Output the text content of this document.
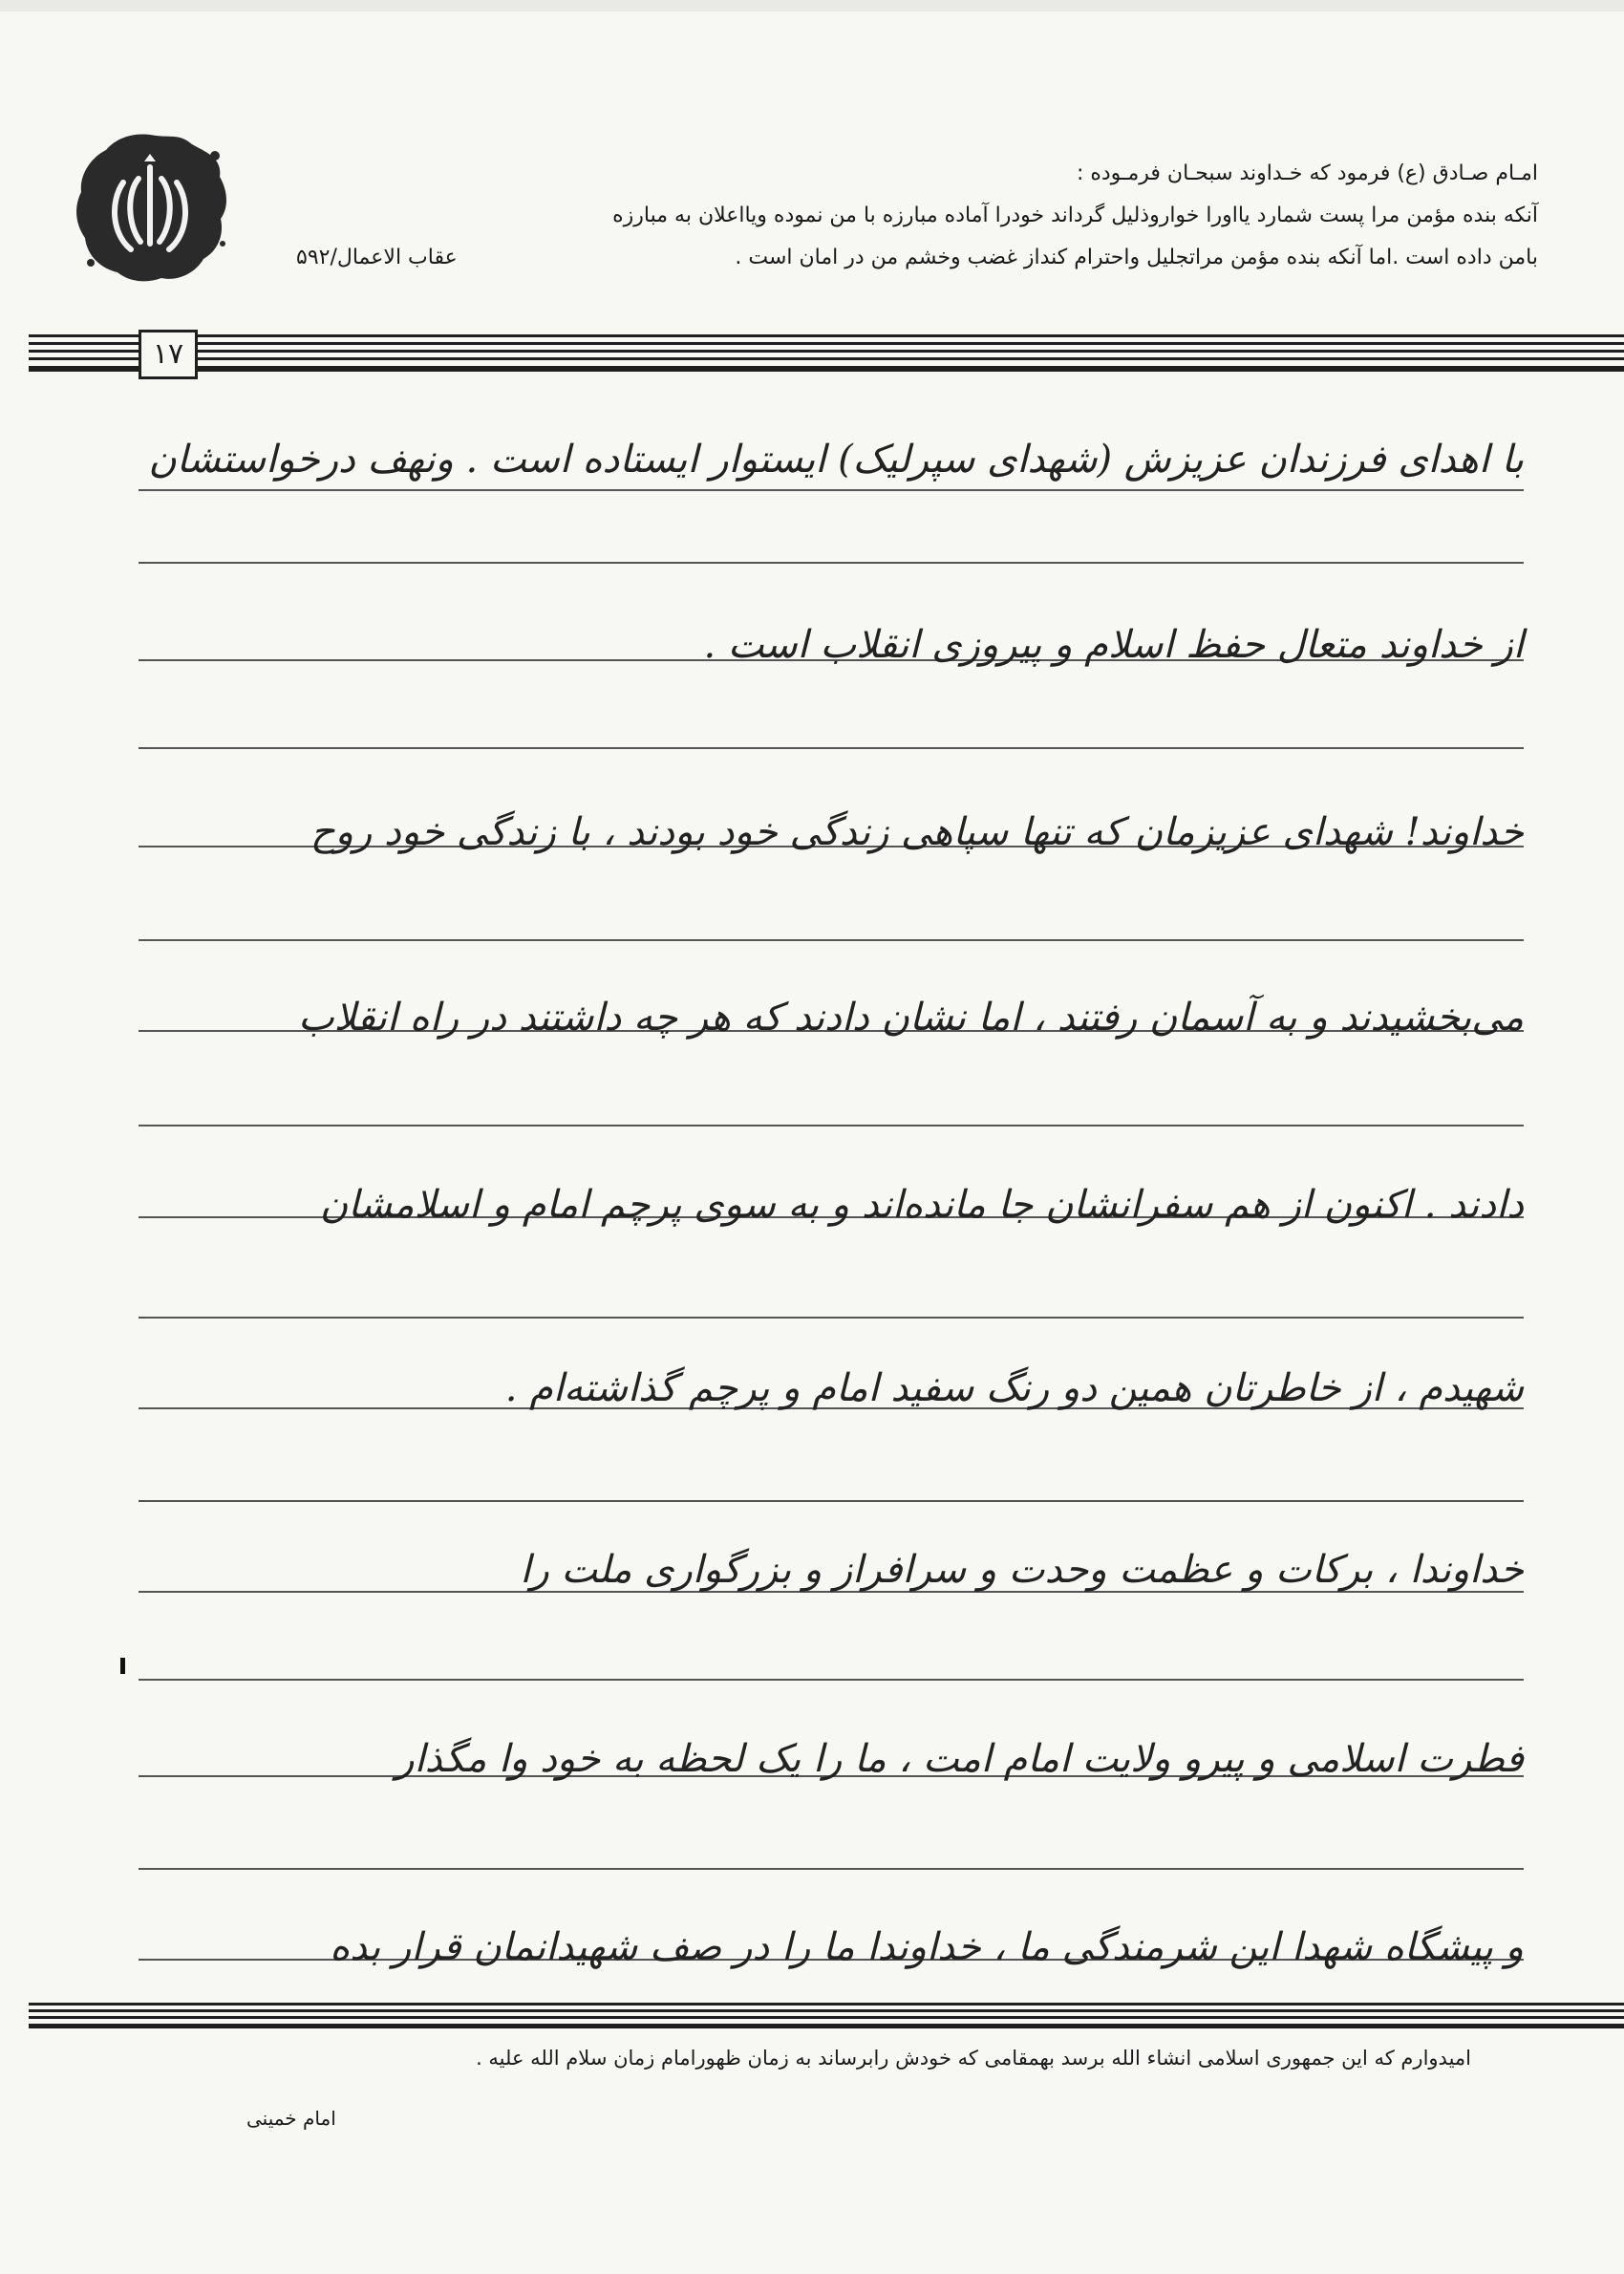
امـام صـادق (ع) فرمود که خـداوند سبحـان فرمـوده :
آنکه بنده مؤمن مرا پست شمارد یااورا خواروذلیل گرداند خودرا آماده مبارزه با من نموده ویااعلان به مبارزه
بامن داده است .اما آنکه بنده مؤمن مراتجلیل واحترام کنداز غضب وخشم من در امان است .
عقاب الاعمال/۵۹۲
۱۷
با اهدای فرزندان عزیزش (شهدای سپرلیک) ایستوار ایستاده است . ونهف درخواستشان
از خداوند متعال حفظ اسلام و پیروزی انقلاب است .
خداوند! شهدای عزیزمان که تنها سپاهی زندگی خود بودند ، با زندگی خود روح
می‌بخشیدند و به آسمان رفتند ، اما نشان دادند که هر چه داشتند در راه انقلاب
دادند . اکنون از هم سفرانشان جا مانده‌اند و به سوی پرچم امام و اسلامشان
شهیدم ، از خاطرتان همین دو رنگ سفید امام و پرچم گذاشته‌ام .
خداوندا ، برکات و عظمت وحدت و سرافراز و بزرگواری ملت را
فطرت اسلامی و پیرو ولایت امام امت ، ما را یک لحظه به خود وا مگذار
و پیشگاه شهدا این شرمندگی ما ، خداوندا ما را در صف شهیدانمان قرار بده
امیدوارم که این جمهوری اسلامی انشاء الله برسد بهمقامی که خودش رابرساند به زمان ظهورامام زمان سلام الله علیه .
امام خمینی
